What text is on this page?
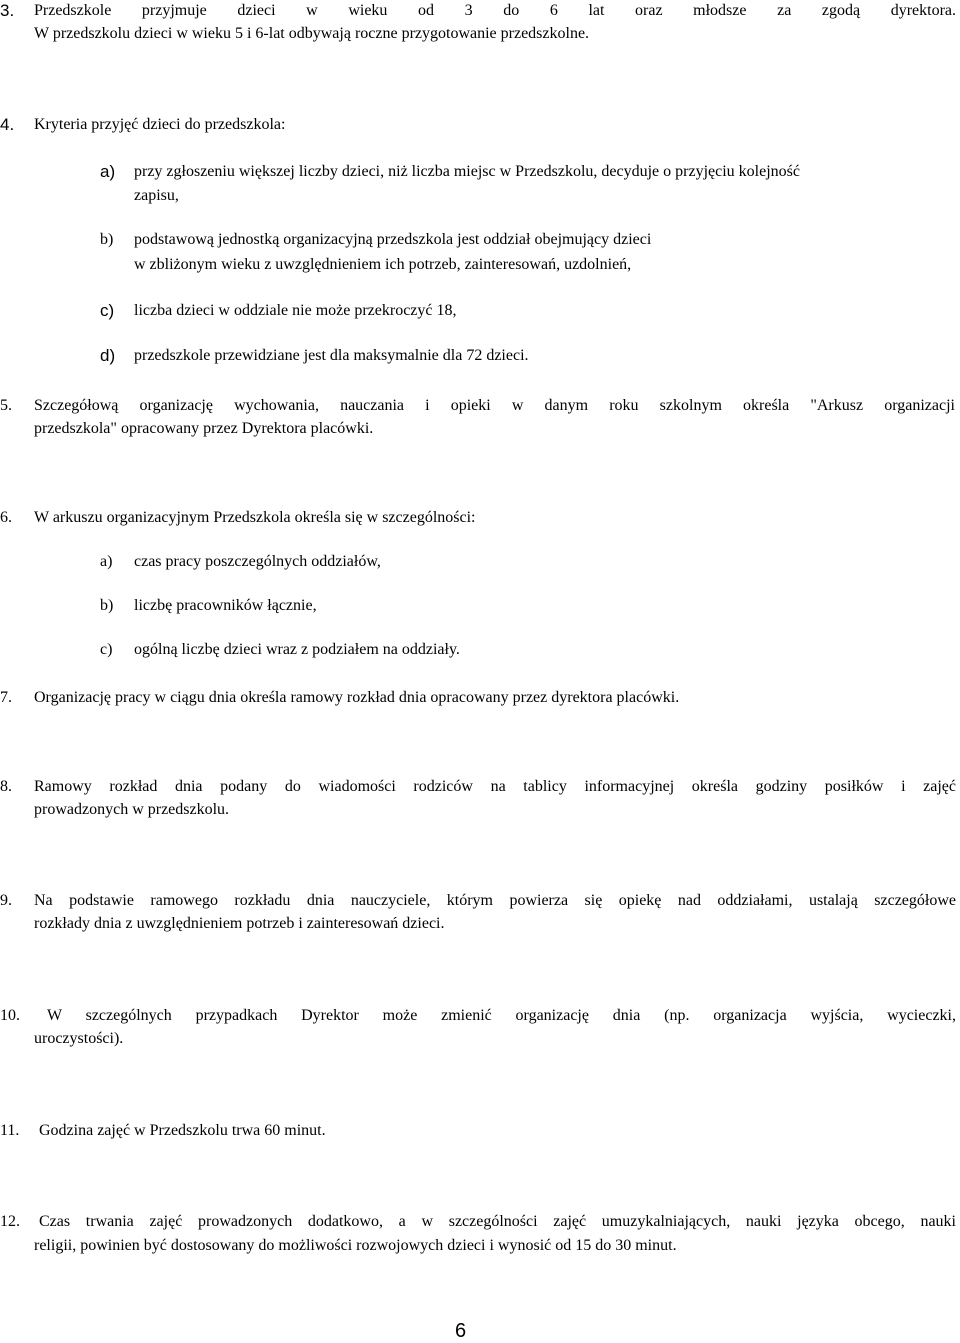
3. Przedszkole przyjmuje dzieci w wieku od 3 do 6 lat oraz młodsze za zgodą dyrektora.
W przedszkolu dzieci w wieku 5 i 6-lat odbywają roczne przygotowanie przedszkolne.
4. Kryteria przyjęć dzieci do przedszkola:
a) przy zgłoszeniu większej liczby dzieci, niż liczba miejsc w Przedszkolu, decyduje o przyjęciu kolejność
zapisu,
b) podstawową jednostką organizacyjną przedszkola jest oddział obejmujący dzieci
w zbliżonym wieku z uwzględnieniem ich potrzeb, zainteresowań, uzdolnień,
c) liczba dzieci w oddziale nie może przekroczyć 18,
d) przedszkole przewidziane jest dla maksymalnie dla 72 dzieci.
5. Szczegółową organizację wychowania, nauczania i opieki w danym roku szkolnym określa "Arkusz organizacji
przedszkola" opracowany przez Dyrektora placówki.
6. W arkuszu organizacyjnym Przedszkola określa się w szczególności:
a) czas pracy poszczególnych oddziałów,
b) liczbę pracowników łącznie,
c) ogólną liczbę dzieci wraz z podziałem na oddziały.
7. Organizację pracy w ciągu dnia określa ramowy rozkład dnia opracowany przez dyrektora placówki.
8. Ramowy rozkład dnia podany do wiadomości rodziców na tablicy informacyjnej określa godziny posiłków i zajęć
prowadzonych w przedszkolu.
9. Na podstawie ramowego rozkładu dnia nauczyciele, którym powierza się opiekę nad oddziałami, ustalają szczegółowe
rozkłady dnia z uwzględnieniem potrzeb i zainteresowań dzieci.
10. W szczególnych przypadkach Dyrektor może zmienić organizację dnia (np. organizacja wyjścia, wycieczki,
uroczystości).
11. Godzina zajęć w Przedszkolu trwa 60 minut.
12. Czas trwania zajęć prowadzonych dodatkowo, a w szczególności zajęć umuzykalniających, nauki języka obcego, nauki
religii, powinien być dostosowany do możliwości rozwojowych dzieci i wynosić od 15 do 30 minut.
6
